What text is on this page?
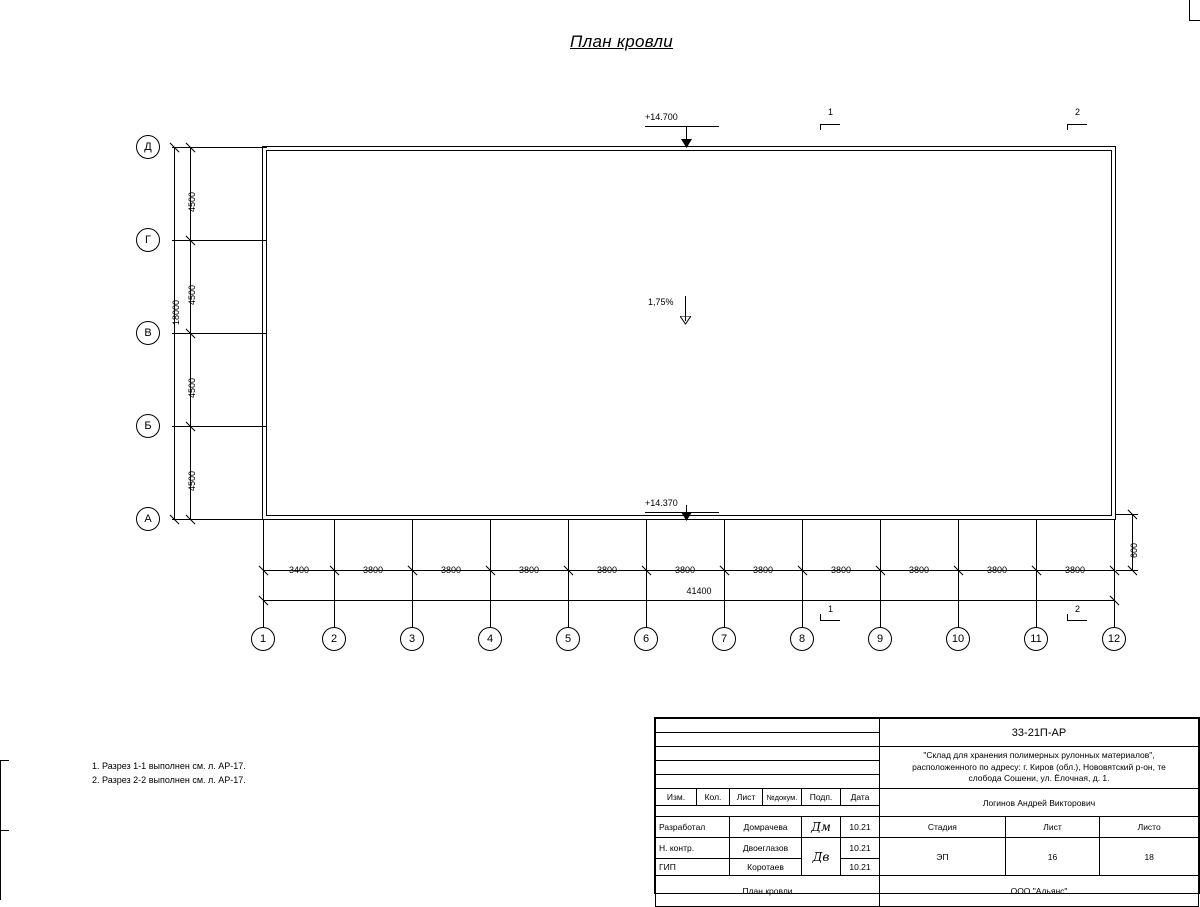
План кровли
Д
Г
В
Б
А
4500
4500
4500
4500
18000
3400	3800	3800	3800	3800	3800	3800	3800	3800	3800	3800
41400
600
1	2	3	4	5	6	7	8	9	10	11	12
+14.700
+14.370
1,75%
1	2
1	2
1. Разрез 1-1 выполнен см. л. АР-17.
2. Разрез 2-2 выполнен см. л. АР-17.
						33-21П-АР		

						"Склад для хранения полимерных рулонных материалов",
расположенного по адресу: г. Киров (обл.), Нововятский р-он, те
слобода Сошени, ул. Ёлочная, д. 1.		

Изм.	Кол.	Лист	№докум.	Подп.	Дата	Логинов Андрей Викторович		

Разработал		Домрачева		Дм	10.21	Стадия	Лист	Листо
Н. контр.		Двоеглазов		Дв	10.21	ЭП	16	18
ГИП		Коротаев			10.21			
План кровли						ООО "Альянс"		
